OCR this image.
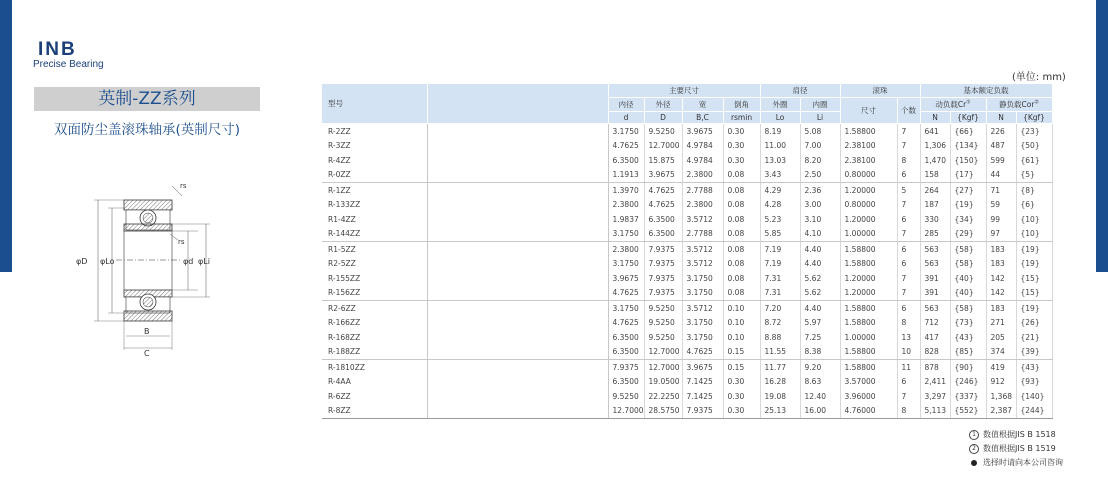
INB
Precise Bearing
英制-ZZ系列
双面防尘盖滚珠轴承(英制尺寸)
(单位: mm)
rs
rs
φD φLo	φd φLi
B
C
型号		主要尺寸				肩径		滚珠		基本额定负载			
		内径	外径	宽	倒角	外圈	内圈	尺寸	个数	动负载Cr①		静负载Cor②
		d	D	B,C	rsmin	Lo	Li			N	{Kgf}	N	{Kgf}
R-2ZZ		3.1750	9.5250	3.9675	0.30	8.19	5.08	1.58800	7	641	{66}	226	{23}
R-3ZZ		4.7625	12.7000	4.9784	0.30	11.00	7.00	2.38100	7	1,306	{134}	487	{50}
R-4ZZ		6.3500	15.875	4.9784	0.30	13.03	8.20	2.38100	8	1,470	{150}	599	{61}
R-0ZZ		1.1913	3.9675	2.3800	0.08	3.43	2.50	0.80000	6	158	{17}	44	{5}
R-1ZZ		1.3970	4.7625	2.7788	0.08	4.29	2.36	1.20000	5	264	{27}	71	{8}
R-133ZZ		2.3800	4.7625	2.3800	0.08	4.28	3.00	0.80000	7	187	{19}	59	{6}
R1-4ZZ		1.9837	6.3500	3.5712	0.08	5.23	3.10	1.20000	6	330	{34}	99	{10}
R-144ZZ		3.1750	6.3500	2.7788	0.08	5.85	4.10	1.00000	7	285	{29}	97	{10}
R1-5ZZ		2.3800	7.9375	3.5712	0.08	7.19	4.40	1.58800	6	563	{58}	183	{19}
R2-5ZZ		3.1750	7.9375	3.5712	0.08	7.19	4.40	1.58800	6	563	{58}	183	{19}
R-155ZZ		3.9675	7.9375	3.1750	0.08	7.31	5.62	1.20000	7	391	{40}	142	{15}
R-156ZZ		4.7625	7.9375	3.1750	0.08	7.31	5.62	1.20000	7	391	{40}	142	{15}
R2-6ZZ		3.1750	9.5250	3.5712	0.10	7.20	4.40	1.58800	6	563	{58}	183	{19}
R-166ZZ		4.7625	9.5250	3.1750	0.10	8.72	5.97	1.58800	8	712	{73}	271	{26}
R-168ZZ		6.3500	9.5250	3.1750	0.10	8.88	7.25	1.00000	13	417	{43}	205	{21}
R-188ZZ		6.3500	12.7000	4.7625	0.15	11.55	8.38	1.58800	10	828	{85}	374	{39}
R-1810ZZ		7.9375	12.7000	3.9675	0.15	11.77	9.20	1.58800	11	878	{90}	419	{43}
R-4AA		6.3500	19.0500	7.1425	0.30	16.28	8.63	3.57000	6	2,411	{246}	912	{93}
R-6ZZ		9.5250	22.2250	7.1425	0.30	19.08	12.40	3.96000	7	3,297	{337}	1,368	{140}
R-8ZZ		12.7000	28.5750	7.9375	0.30	25.13	16.00	4.76000	8	5,113	{552}	2,387	{244}
1 数值根据JIS B 1518
2 数值根据JIS B 1519
选择时请向本公司咨询
